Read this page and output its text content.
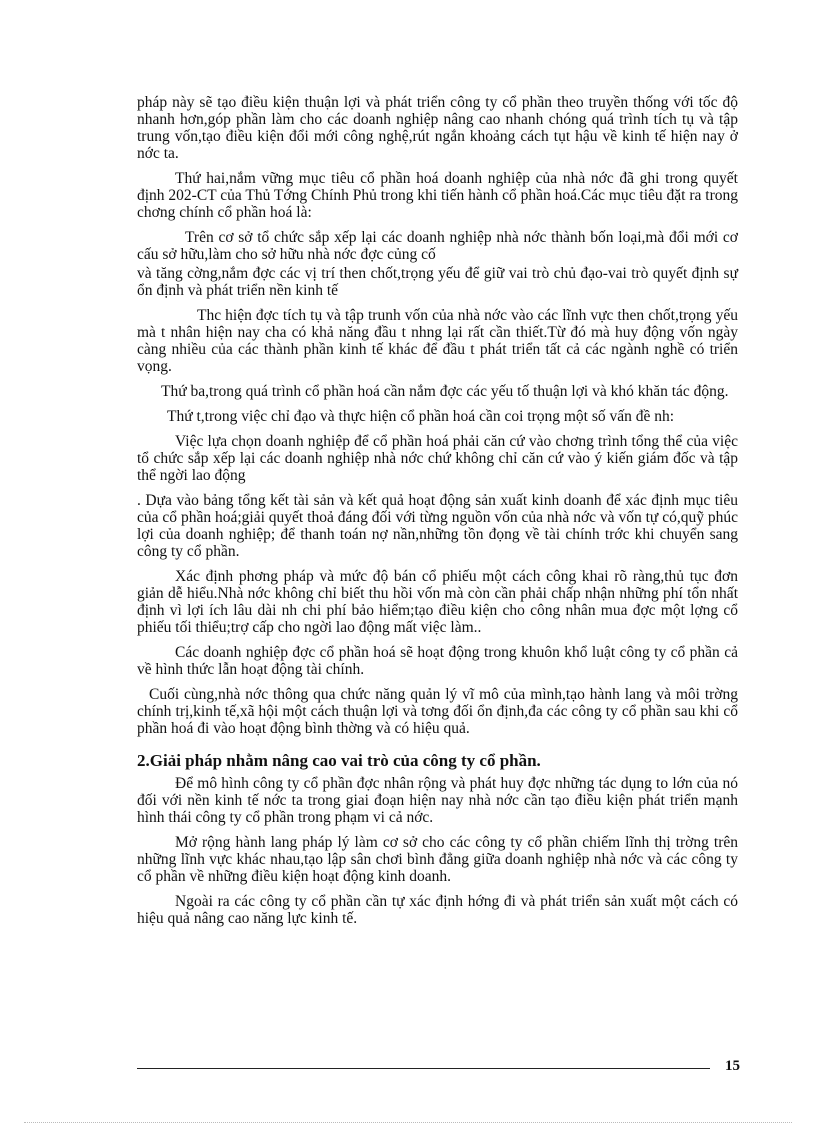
pháp này sẽ tạo điều kiện thuận lợi và phát triển công ty cổ phần theo truyền thống với tốc độ nhanh hơn,góp phần làm cho các doanh nghiệp nâng cao nhanh chóng quá trình tích tụ và tập trung vốn,tạo điều kiện đổi mới công nghệ,rút ngắn khoảng cách tụt hậu về kinh tế hiện nay ở nớc ta.

Thứ hai,nắm vững mục tiêu cổ phần hoá doanh nghiệp của nhà nớc đã ghi trong quyết định 202-CT của Thủ Tớng Chính Phủ trong khi tiến hành cổ phần hoá.Các mục tiêu đặt ra trong chơng chính cổ phần hoá là:

Trên cơ sở tổ chức sắp xếp lại các doanh nghiệp nhà nớc thành bốn loại,mà đổi mới cơ cấu sở hữu,làm cho sở hữu nhà nớc đợc củng cố

và tăng cờng,nắm đợc các vị trí then chốt,trọng yếu để giữ vai trò chủ đạo-vai trò quyết định sự ổn định và phát triển nền kinh tế

Thc hiện đợc tích tụ và tập trunh vốn của nhà nớc vào các lĩnh vực then chốt,trọng yếu mà t nhân hiện nay cha có khả năng đầu t nhng lại rất cần thiết.Từ đó mà huy động vốn ngày càng nhiều của các thành phần kinh tế khác để đầu t phát triển tất cả các ngành nghề có triển vọng.

Thứ ba,trong quá trình cổ phần hoá cần nắm đợc các yếu tố thuận lợi và khó khăn tác động.

Thứ t,trong việc chỉ đạo và thực hiện cổ phần hoá cần coi trọng một số vấn đề nh:

Việc lựa chọn doanh nghiệp để cổ phần hoá phải căn cứ vào chơng trình tổng thể của việc tổ chức sắp xếp lại các doanh nghiệp nhà nớc chứ không chỉ căn cứ vào ý kiến giám đốc và tập thể ngời lao động

. Dựa vào bảng tổng kết tài sản và kết quả hoạt động sản xuất kinh doanh để xác định mục tiêu của cổ phần hoá;giải quyết thoả đáng đối với từng nguồn vốn của nhà nớc và vốn tự có,quỹ phúc lợi của doanh nghiệp; để thanh toán nợ nần,những tồn đọng về tài chính trớc khi chuyển sang công ty cổ phần.

Xác định phơng pháp và mức độ bán cổ phiếu một cách công khai rõ ràng,thủ tục đơn giản dễ hiểu.Nhà nớc không chỉ biết thu hồi vốn mà còn cần phải chấp nhận những phí tổn nhất định vì lợi ích lâu dài nh chi phí bảo hiểm;tạo điều kiện cho công nhân mua đợc một lợng cổ phiếu tối thiểu;trợ cấp cho ngời lao động mất việc làm..

Các doanh nghiệp đợc cổ phần hoá sẽ hoạt động trong khuôn khổ luật công ty cổ phần cả về hình thức lẫn hoạt động tài chính.

Cuối cùng,nhà nớc thông qua chức năng quản lý vĩ mô của mình,tạo hành lang và môi trờng chính trị,kinh tế,xã hội một cách thuận lợi và tơng đối ổn định,đa các công ty cổ phần sau khi cổ phần hoá đi vào hoạt động bình thờng và có hiệu quả.

2.Giải pháp nhằm nâng cao vai trò của công ty cổ phần.

Để mô hình công ty cổ phần đợc nhân rộng và phát huy đợc những tác dụng to lớn của nó đối với nền kinh tế nớc ta trong giai đoạn hiện nay nhà nớc cần tạo điều kiện phát triển mạnh hình thái công ty cổ phần trong phạm vi cả nớc.

Mở rộng hành lang pháp lý làm cơ sở cho các công ty cổ phần chiếm lĩnh thị trờng trên những lĩnh vực khác nhau,tạo lập sân chơi bình đẳng giữa doanh nghiệp nhà nớc và các công ty cổ phần về những điều kiện hoạt động kinh doanh.

Ngoài ra các công ty cổ phần cần tự xác định hớng đi và phát triển sản xuất một cách có hiệu quả nâng cao năng lực kinh tế.

15
